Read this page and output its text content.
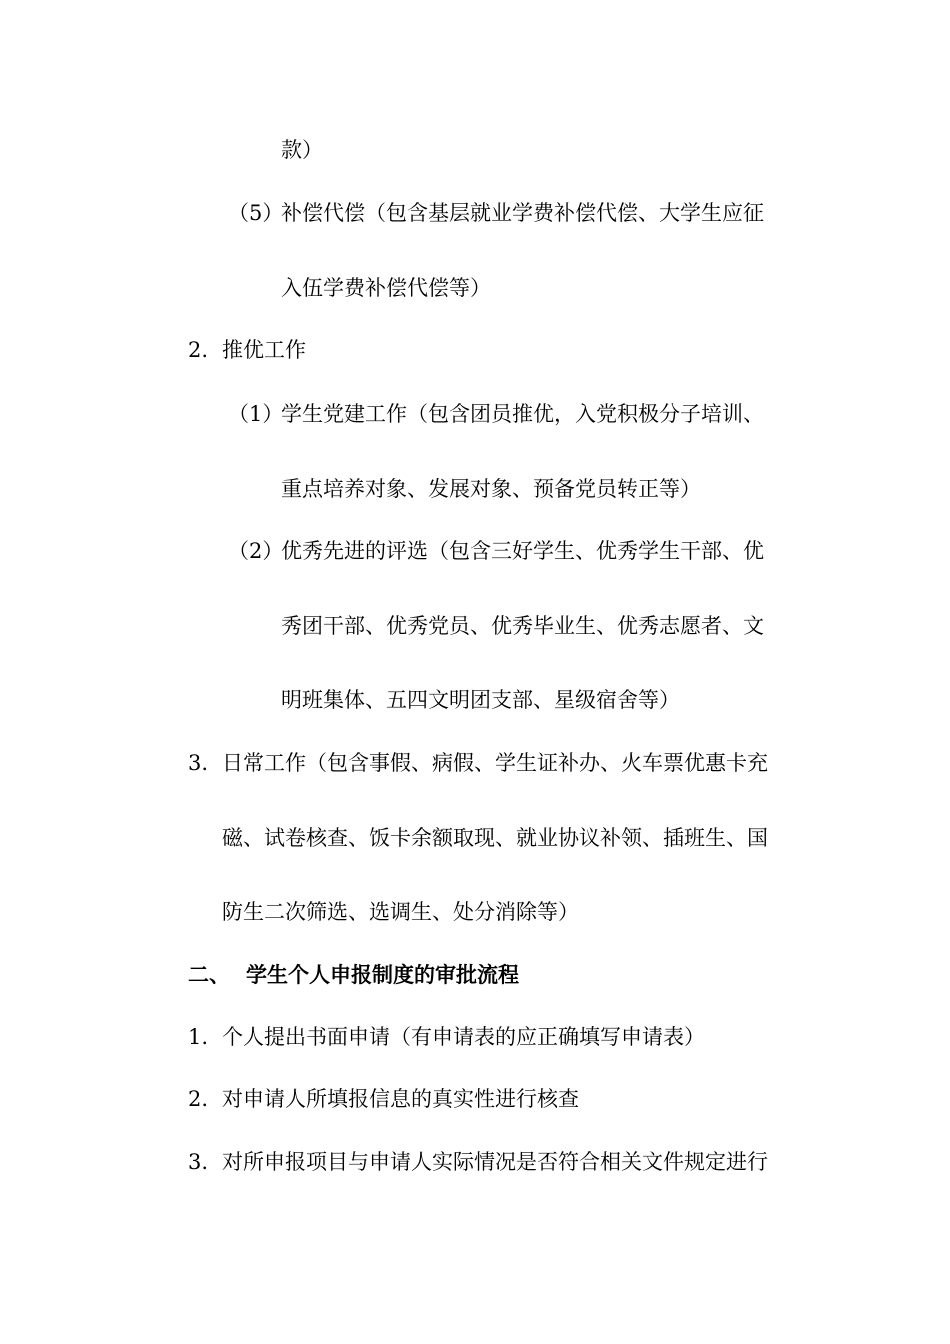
款）
（5）
补偿代偿（包含基层就业学费补偿代偿、大学生应征
入伍学费补偿代偿等）
2. 推优工作
（1）
学生党建工作（包含团员推优，入党积极分子培训、
重点培养对象、发展对象、预备党员转正等）
（2）
优秀先进的评选（包含三好学生、优秀学生干部、优
秀团干部、优秀党员、优秀毕业生、优秀志愿者、文
明班集体、五四文明团支部、星级宿舍等）
3. 日常工作（包含事假、病假、学生证补办、火车票优惠卡充
磁、试卷核查、饭卡余额取现、就业协议补领、插班生、国
防生二次筛选、选调生、处分消除等）
二、 学生个人申报制度的审批流程
1. 个人提出书面申请（有申请表的应正确填写申请表）
2. 对申请人所填报信息的真实性进行核查
3. 对所申报项目与申请人实际情况是否符合相关文件规定进行
